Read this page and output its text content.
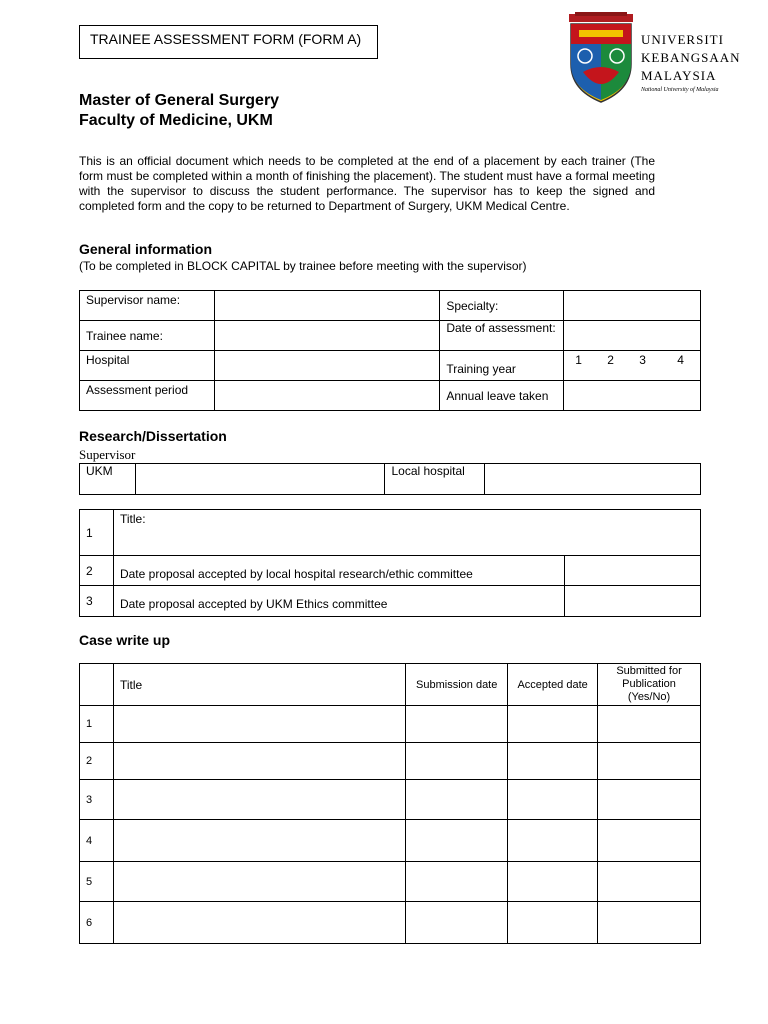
TRAINEE ASSESSMENT FORM (FORM A)	UNIVERSITI
KEBANGSAAN
MALAYSIA
National University of Malaysia
Master of General Surgery
Faculty of Medicine, UKM
This is an official document which needs to be completed at the end of a placement by each trainer (The form must be completed within a month of finishing the placement). The student must have a formal meeting with the supervisor to discuss the student performance. The supervisor has to keep the signed and completed form and the copy to be returned to Department of Surgery, UKM Medical Centre.
General information
(To be completed in BLOCK CAPITAL by trainee before meeting with the supervisor)
Supervisor name:		Specialty:	
Trainee name:		Date of assessment:	
Hospital		Training year	1 2 3 4
Assessment period		Annual leave taken	
Research/Dissertation
Supervisor
UKM		Local hospital	
1	Title:	
2	Date proposal accepted by local hospital research/ethic committee	
3	Date proposal accepted by UKM Ethics committee	
Case write up
	Title	Submission date	Accepted date	Submitted for Publication (Yes/No)
1				
2				
3				
4				
5				
6				
